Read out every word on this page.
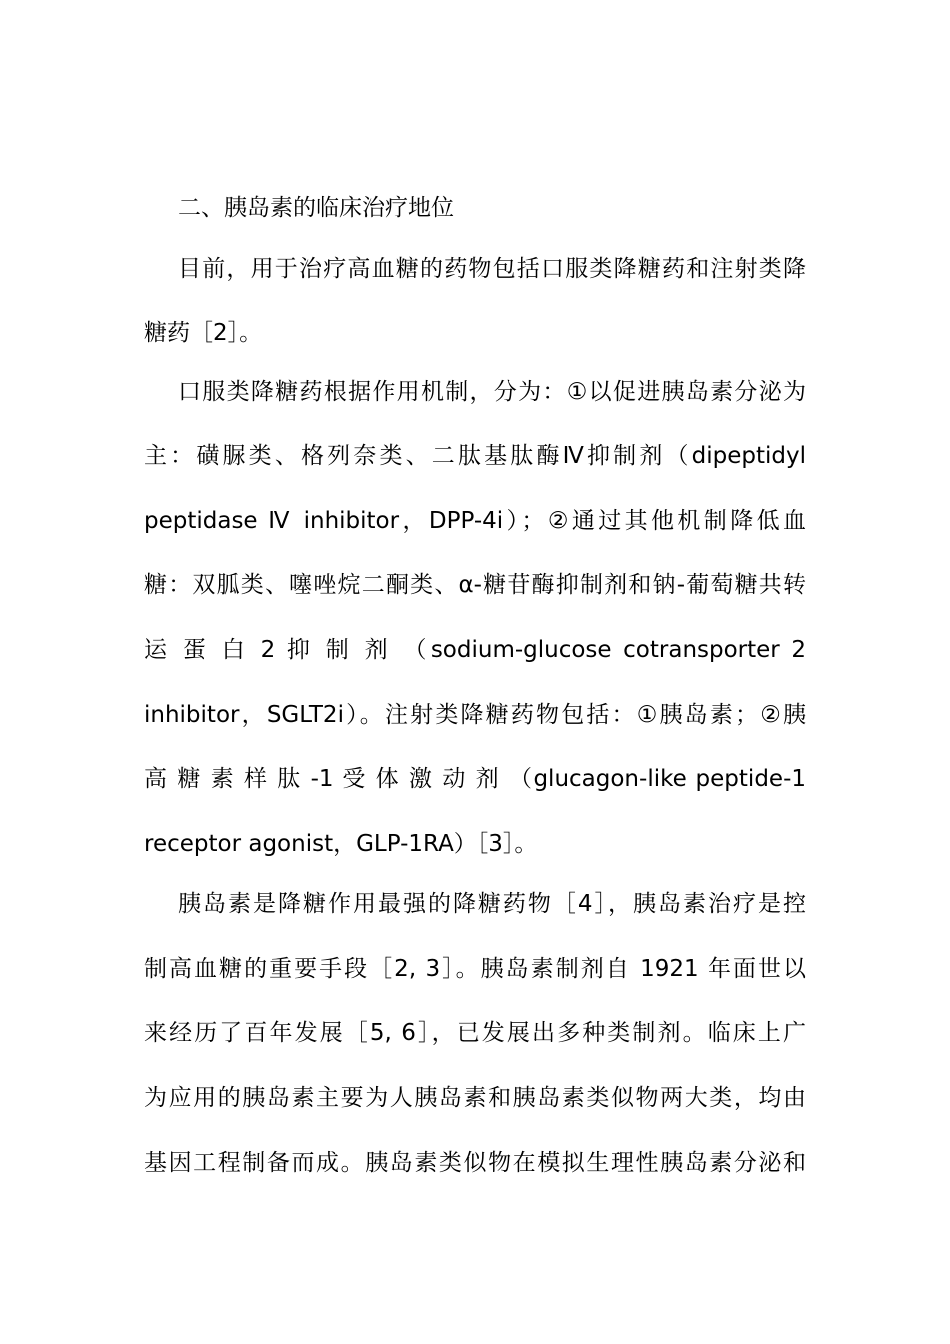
二、胰岛素的临床治疗地位

目前，用于治疗高血糖的药物包括口服类降糖药和注射类降

糖药［2］。

口服类降糖药根据作用机制，分为：①以促进胰岛素分泌为

主：磺脲类、格列奈类、二肽基肽酶Ⅳ抑制剂（dipeptidyl

peptidase Ⅳ inhibitor，DPP-4i）；②通过其他机制降低血

糖：双胍类、噻唑烷二酮类、α-糖苷酶抑制剂和钠-葡萄糖共转

运 蛋 白 2 抑 制 剂 （sodium-glucose cotransporter 2

inhibitor，SGLT2i）。注射类降糖药物包括：①胰岛素；②胰

高 糖 素 样 肽 -1 受 体 激 动 剂 （glucagon-like peptide-1

receptor agonist，GLP-1RA）［3］。

胰岛素是降糖作用最强的降糖药物［4］，胰岛素治疗是控

制高血糖的重要手段［2, 3］。胰岛素制剂自 1921 年面世以

来经历了百年发展［5, 6］，已发展出多种类制剂。临床上广

为应用的胰岛素主要为人胰岛素和胰岛素类似物两大类，均由

基因工程制备而成。胰岛素类似物在模拟生理性胰岛素分泌和
